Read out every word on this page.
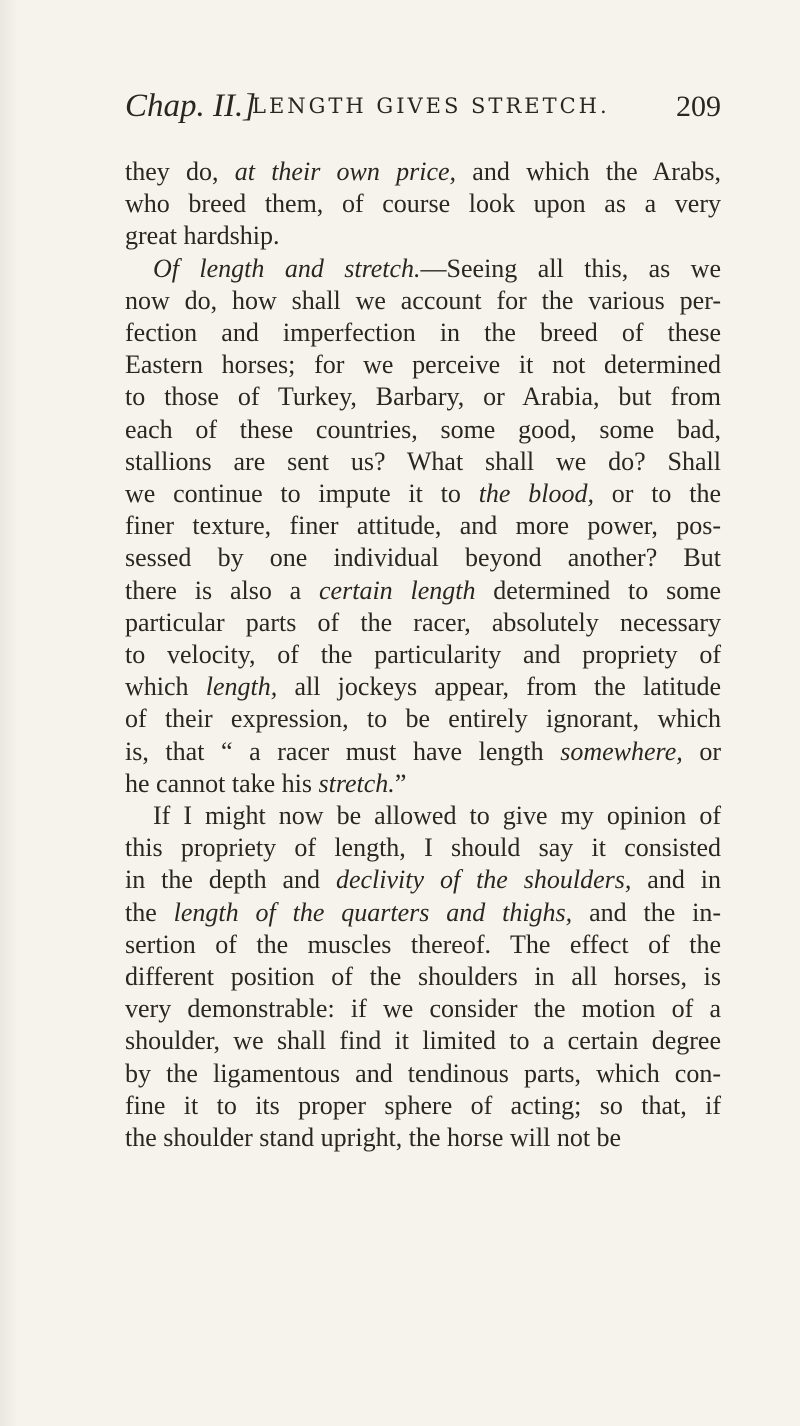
Chap. II.]
LENGTH GIVES STRETCH. 209
they do, at their own price, and which the Arabs,
who breed them, of course look upon as a very
great hardship.
Of length and stretch.—Seeing all this, as we
now do, how shall we account for the various per-
fection and imperfection in the breed of these
Eastern horses; for we perceive it not determined
to those of Turkey, Barbary, or Arabia, but from
each of these countries, some good, some bad,
stallions are sent us? What shall we do? Shall
we continue to impute it to the blood, or to the
finer texture, finer attitude, and more power, pos-
sessed by one individual beyond another? But
there is also a certain length determined to some
particular parts of the racer, absolutely necessary
to velocity, of the particularity and propriety of
which length, all jockeys appear, from the latitude
of their expression, to be entirely ignorant, which
is, that “ a racer must have length somewhere, or
he cannot take his stretch.”
If I might now be allowed to give my opinion of
this propriety of length, I should say it consisted
in the depth and declivity of the shoulders, and in
the length of the quarters and thighs, and the in-
sertion of the muscles thereof. The effect of the
different position of the shoulders in all horses, is
very demonstrable: if we consider the motion of a
shoulder, we shall find it limited to a certain degree
by the ligamentous and tendinous parts, which con-
fine it to its proper sphere of acting; so that, if
the shoulder stand upright, the horse will not be
